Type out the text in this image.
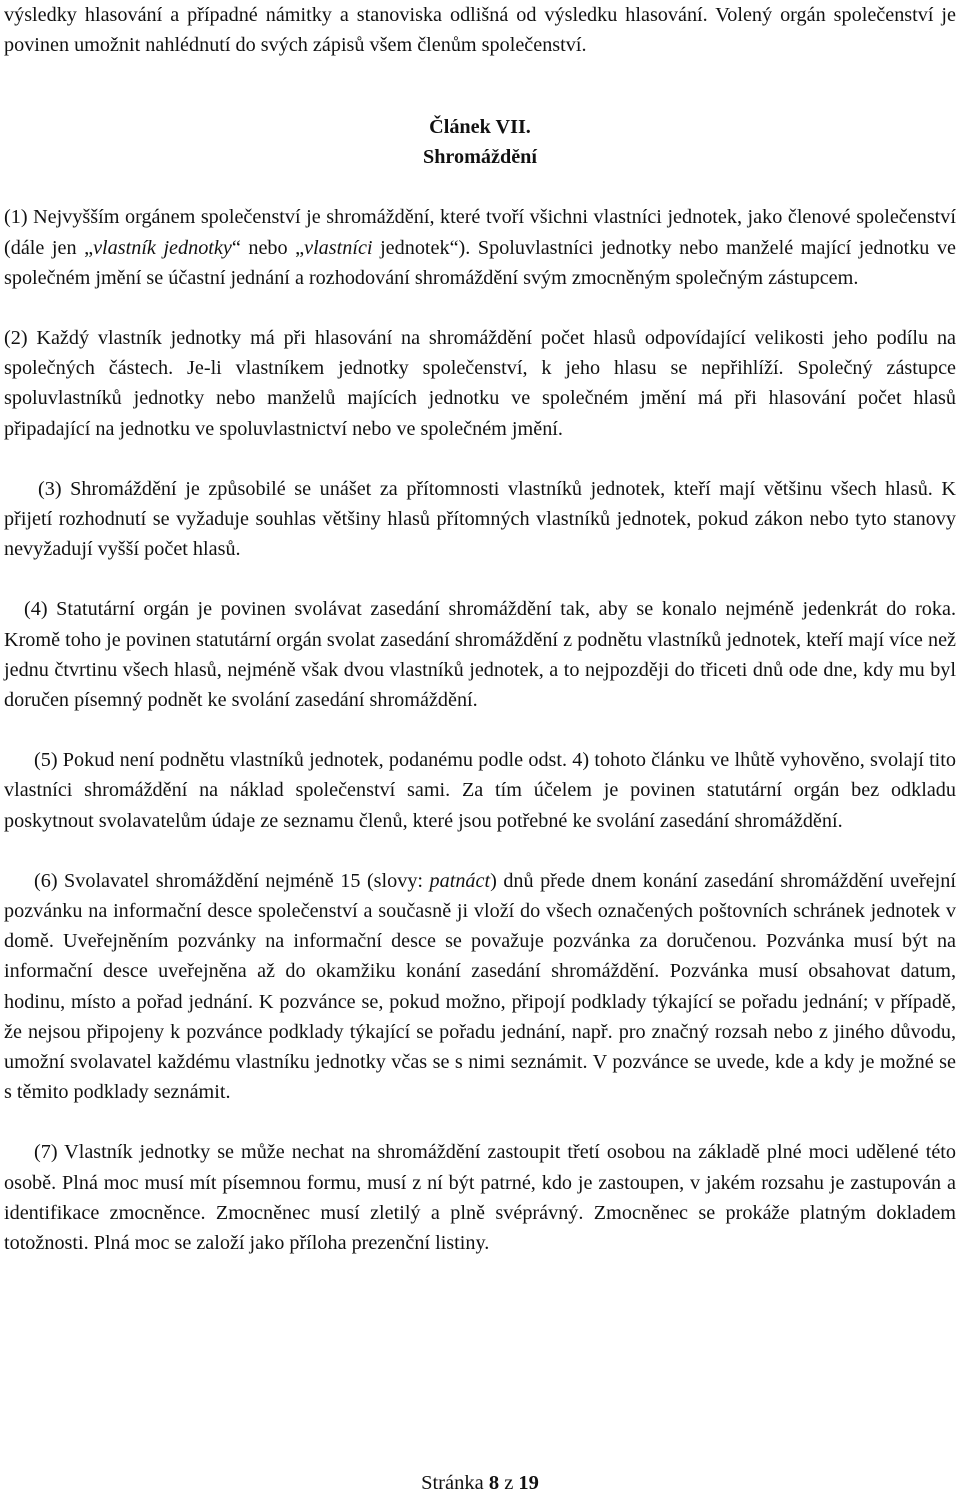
výsledky hlasování a případné námitky a stanoviska odlišná od výsledku hlasování. Volený orgán společenství je povinen umožnit nahlédnutí do svých zápisů všem členům společenství.

Článek VII.

Shromáždění

(1) Nejvyšším orgánem společenství je shromáždění, které tvoří všichni vlastníci jednotek, jako členové společenství (dále jen „vlastník jednotky“ nebo „vlastníci jednotek“). Spoluvlastníci jednotky nebo manželé mající jednotku ve společném jmění se účastní jednání a rozhodování shromáždění svým zmocněným společným zástupcem.

(2) Každý vlastník jednotky má při hlasování na shromáždění počet hlasů odpovídající velikosti jeho podílu na společných částech. Je-li vlastníkem jednotky společenství, k jeho hlasu se nepřihlíží. Společný zástupce spoluvlastníků jednotky nebo manželů majících jednotku ve společném jmění má při hlasování počet hlasů připadající na jednotku ve spoluvlastnictví nebo ve společném jmění.

(3) Shromáždění je způsobilé se unášet za přítomnosti vlastníků jednotek, kteří mají většinu všech hlasů. K přijetí rozhodnutí se vyžaduje souhlas většiny hlasů přítomných vlastníků jednotek, pokud zákon nebo tyto stanovy nevyžadují vyšší počet hlasů.

(4) Statutární orgán je povinen svolávat zasedání shromáždění tak, aby se konalo nejméně jedenkrát do roka. Kromě toho je povinen statutární orgán svolat zasedání shromáždění z podnětu vlastníků jednotek, kteří mají více než jednu čtvrtinu všech hlasů, nejméně však dvou vlastníků jednotek, a to nejpozději do třiceti dnů ode dne, kdy mu byl doručen písemný podnět ke svolání zasedání shromáždění.

(5) Pokud není podnětu vlastníků jednotek, podanému podle odst. 4) tohoto článku ve lhůtě vyhověno, svolají tito vlastníci shromáždění na náklad společenství sami. Za tím účelem je povinen statutární orgán bez odkladu poskytnout svolavatelům údaje ze seznamu členů, které jsou potřebné ke svolání zasedání shromáždění.

(6) Svolavatel shromáždění nejméně 15 (slovy: patnáct) dnů přede dnem konání zasedání shromáždění uveřejní pozvánku na informační desce společenství a současně ji vloží do všech označených poštovních schránek jednotek v domě. Uveřejněním pozvánky na informační desce se považuje pozvánka za doručenou. Pozvánka musí být na informační desce uveřejněna až do okamžiku konání zasedání shromáždění. Pozvánka musí obsahovat datum, hodinu, místo a pořad jednání. K pozvánce se, pokud možno, připojí podklady týkající se pořadu jednání; v případě, že nejsou připojeny k pozvánce podklady týkající se pořadu jednání, např. pro značný rozsah nebo z jiného důvodu, umožní svolavatel každému vlastníku jednotky včas se s nimi seznámit. V pozvánce se uvede, kde a kdy je možné se s těmito podklady seznámit.

(7) Vlastník jednotky se může nechat na shromáždění zastoupit třetí osobou na základě plné moci udělené této osobě. Plná moc musí mít písemnou formu, musí z ní být patrné, kdo je zastoupen, v jakém rozsahu je zastupován a identifikace zmocněnce. Zmocněnec musí zletilý a plně svéprávný. Zmocněnec se prokáže platným dokladem totožnosti. Plná moc se založí jako příloha prezenční listiny.

Stránka 8 z 19
